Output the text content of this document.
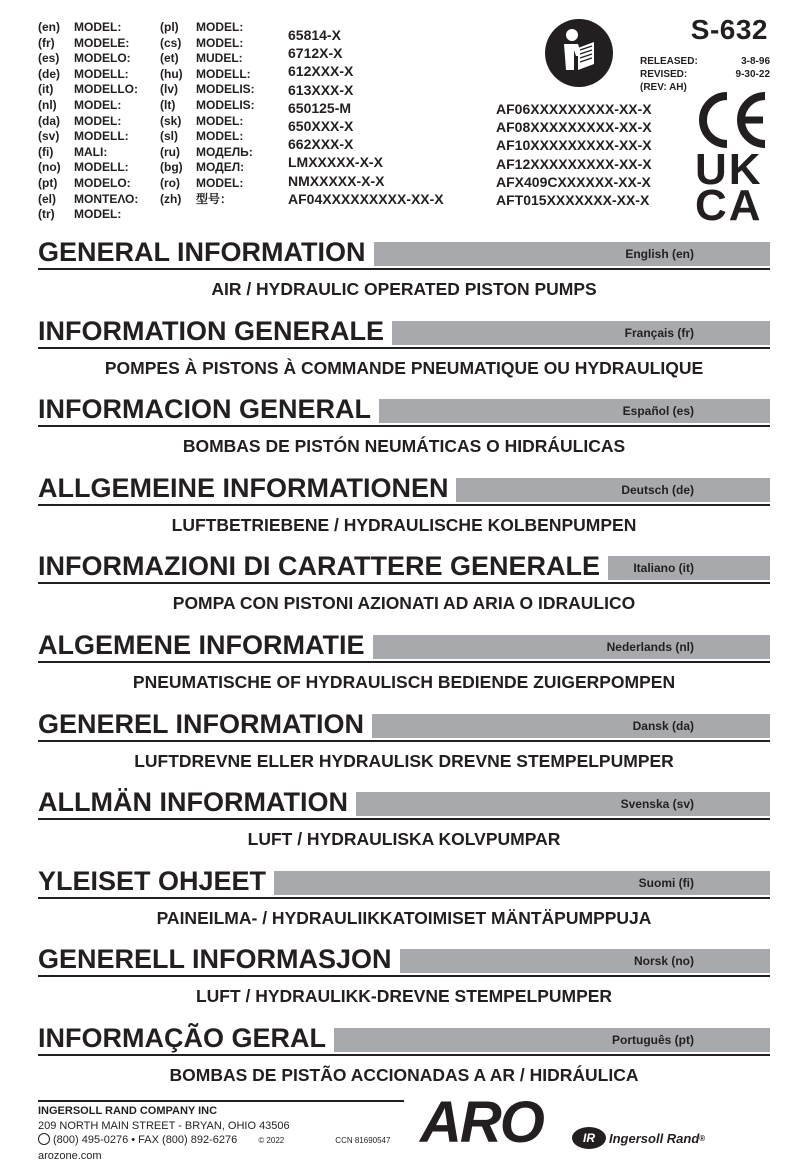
(en) MODEL:
(fr) MODELE:
(es) MODELO:
(de) MODELL:
(it) MODELLO:
(nl) MODEL:
(da) MODEL:
(sv) MODELL:
(fi) MALI:
(no) MODELL:
(pt) MODELO:
(el) ΜΟΝΤΕΛΟ:
(tr) MODEL:
(pl) MODEL:
(cs) MODEL:
(et) MUDEL:
(hu) MODELL:
(lv) MODELIS:
(lt) MODELIS:
(sk) MODEL:
(sl) MODEL:
(ru) МОДЕЛЬ:
(bg) МОДЕЛ:
(ro) MODEL:
(zh) 型号：
65814-X
6712X-X
612XXX-X
613XXX-X
650125-M
650XXX-X
662XXX-X
LMXXXXX-X-X
NMXXXXX-X-X
AF04XXXXXXXXX-XX-X
AF06XXXXXXXXX-XX-X
AF08XXXXXXXXX-XX-X
AF10XXXXXXXXX-XX-X
AF12XXXXXXXXX-XX-X
AFX409CXXXXXX-XX-X
AFT015XXXXXXX-XX-X
S-632
RELEASED:	3-8-96
REVISED:	9-30-22
(REV: AH)
UK
CA
GENERAL INFORMATION	English (en)
AIR / HYDRAULIC OPERATED PISTON PUMPS
INFORMATION GENERALE	Français (fr)
POMPES À PISTONS À COMMANDE PNEUMATIQUE OU HYDRAULIQUE
INFORMACION GENERAL	Español (es)
BOMBAS DE PISTÓN NEUMÁTICAS O HIDRÁULICAS
ALLGEMEINE INFORMATIONEN	Deutsch (de)
LUFTBETRIEBENE / HYDRAULISCHE KOLBENPUMPEN
INFORMAZIONI DI CARATTERE GENERALE	Italiano (it)
POMPA CON PISTONI AZIONATI AD ARIA O IDRAULICO
ALGEMENE INFORMATIE	Nederlands (nl)
PNEUMATISCHE OF HYDRAULISCH BEDIENDE ZUIGERPOMPEN
GENEREL INFORMATION	Dansk (da)
LUFTDREVNE ELLER HYDRAULISK DREVNE STEMPELPUMPER
ALLMÄN INFORMATION	Svenska (sv)
LUFT / HYDRAULISKA KOLVPUMPAR
YLEISET OHJEET	Suomi (fi)
PAINEILMA- / HYDRAULIIKKATOIMISET MÄNTÄPUMPPUJA
GENERELL INFORMASJON	Norsk (no)
LUFT / HYDRAULIKK-DREVNE STEMPELPUMPER
INFORMAÇÃO GERAL	Português (pt)
BOMBAS DE PISTÃO ACCIONADAS A AR / HIDRÁULICA
INGERSOLL RAND COMPANY INC
209 NORTH MAIN STREET - BRYAN, OHIO 43506
(800) 495-0276 • FAX (800) 892-6276	© 2022	CCN 81690547
arozone.com
ARO	IR	Ingersoll Rand ®
